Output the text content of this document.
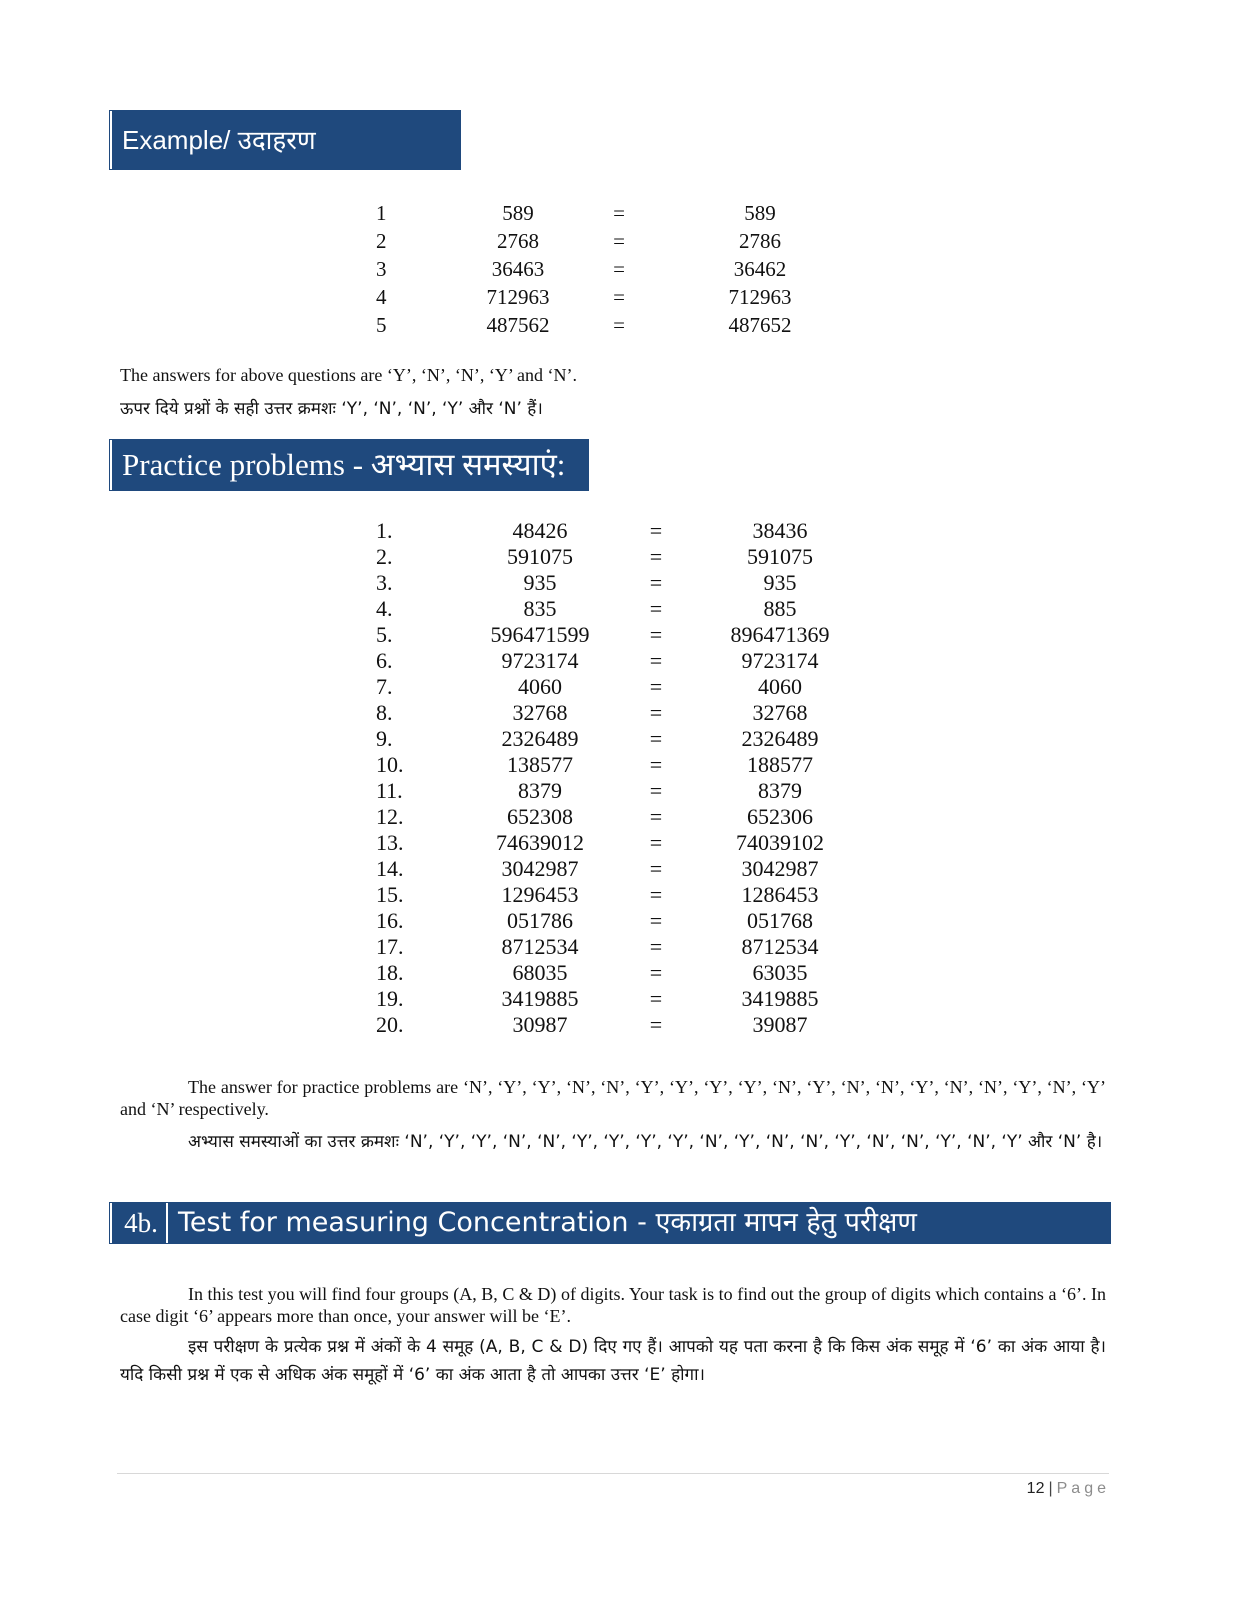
Example/ उदाहरण
1	589	=	589
2	2768	=	2786
3	36463	=	36462
4	712963	=	712963
5	487562	=	487652
The answers for above questions are ‘Y’, ‘N’, ‘N’, ‘Y’ and ‘N’.
ऊपर दिये प्रश्नों के सही उत्तर क्रमशः ‘Y’, ‘N’, ‘N’, ‘Y’ और ‘N’ हैं।
Practice problems - अभ्यास समस्याएं:
1.	48426	=	38436
2.	591075	=	591075
3.	935	=	935
4.	835	=	885
5.	596471599	=	896471369
6.	9723174	=	9723174
7.	4060	=	4060
8.	32768	=	32768
9.	2326489	=	2326489
10.	138577	=	188577
11.	8379	=	8379
12.	652308	=	652306
13.	74639012	=	74039102
14.	3042987	=	3042987
15.	1296453	=	1286453
16.	051786	=	051768
17.	8712534	=	8712534
18.	68035	=	63035
19.	3419885	=	3419885
20.	30987	=	39087
The answer for practice problems are ‘N’, ‘Y’, ‘Y’, ‘N’, ‘N’, ‘Y’, ‘Y’, ‘Y’, ‘Y’, ‘N’, ‘Y’, ‘N’, ‘N’, ‘Y’, ‘N’, ‘N’, ‘Y’, ‘N’, ‘Y’ and ‘N’ respectively.
अभ्यास समस्याओं का उत्तर क्रमशः ‘N’, ‘Y’, ‘Y’, ‘N’, ‘N’, ‘Y’, ‘Y’, ‘Y’, ‘Y’, ‘N’, ‘Y’, ‘N’, ‘N’, ‘Y’, ‘N’, ‘N’, ‘Y’, ‘N’, ‘Y’ और ‘N’ है।
4b. Test for measuring Concentration - एकाग्रता मापन हेतु परीक्षण
In this test you will find four groups (A, B, C & D) of digits. Your task is to find out the group of digits which contains a ‘6’. In case digit ‘6’ appears more than once, your answer will be ‘E’.
इस परीक्षण के प्रत्येक प्रश्न में अंकों के 4 समूह (A, B, C & D) दिए गए हैं। आपको यह पता करना है कि किस अंक समूह में ‘6’ का अंक आया है। यदि किसी प्रश्न में एक से अधिक अंक समूहों में ‘6’ का अंक आता है तो आपका उत्तर ‘E’ होगा।
12 | Page
